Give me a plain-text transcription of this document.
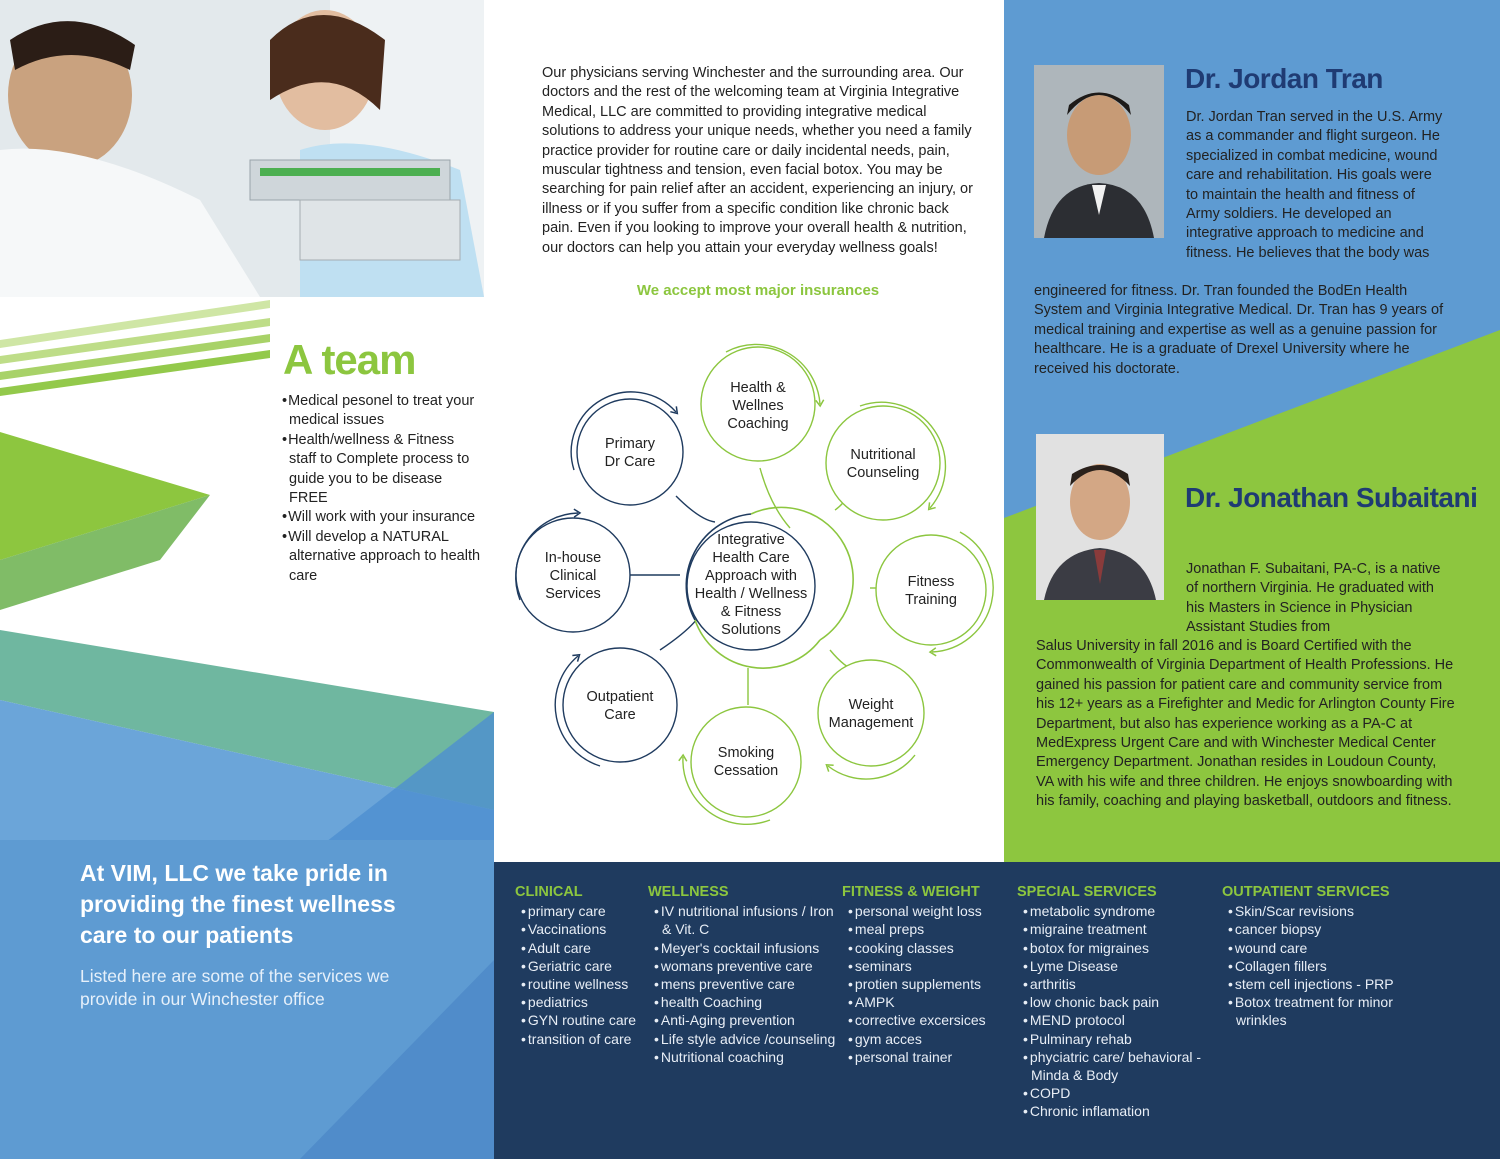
A team
• Medical pesonel to treat your medical issues
• Health/wellness & Fitness staff to Complete process to guide you to be disease FREE
• Will work with your insurance
• Will develop a NATURAL alternative approach to health care

At VIM, LLC we take pride in providing the finest wellness care to our patients

Listed here are some of the services we provide in our Winchester office

Our physicians serving Winchester and the surrounding area. Our doctors and the rest of the welcoming team at Virginia Integrative Medical, LLC are committed to providing integrative medical solutions to address your unique needs, whether you need a family practice provider for routine care or daily incidental needs, pain, muscular tightness and tension, even facial botox. You may be searching for pain relief after an accident, experiencing an injury, or illness or if you suffer from a specific condition like chronic back pain. Even if you looking to improve your overall health & nutrition, our doctors can help you attain your everyday wellness goals!

We accept most major insurances

Integrative
Health Care
Approach with
Health / Wellness
& Fitness
Solutions
Primary
Dr Care
In-house
Clinical
Services
Outpatient
Care
Health &
Wellnes
Coaching
Nutritional
Counseling
Fitness
Training
Weight
Management
Smoking
Cessation
Dr. Jordan Tran

Dr. Jordan Tran served in the U.S. Army as a commander and flight surgeon. He specialized in combat medicine, wound care and rehabilitation. His goals were to maintain the health and fitness of Army soldiers. He developed an integrative approach to medicine and fitness. He believes that the body was

engineered for fitness. Dr. Tran founded the BodEn Health System and Virginia Integrative Medical. Dr. Tran has 9 years of medical training and expertise as well as a genuine passion for healthcare. He is a graduate of Drexel University where he received his doctorate.

Dr. Jonathan Subaitani

Jonathan F. Subaitani, PA-C, is a native of northern Virginia. He graduated with his Masters in Science in Physician Assistant Studies from

Salus University in fall 2016 and is Board Certified with the Commonwealth of Virginia Department of Health Professions. He gained his passion for patient care and community service from his 12+ years as a Firefighter and Medic for Arlington County Fire Department, but also has experience working as a PA-C at MedExpress Urgent Care and with Winchester Medical Center Emergency Department. Jonathan resides in Loudoun County, VA with his wife and three children. He enjoys snowboarding with his family, coaching and playing basketball, outdoors and fitness.

CLINICAL
• primary care
• Vaccinations
• Adult care
• Geriatric care
• routine wellness
• pediatrics
• GYN routine care
• transition of care
WELLNESS
• IV nutritional infusions / Iron & Vit. C
• Meyer's cocktail infusions
• womans preventive care
• mens preventive care
• health Coaching
• Anti-Aging prevention
• Life style advice /counseling
• Nutritional coaching
FITNESS & WEIGHT
• personal weight loss
• meal preps
• cooking classes
• seminars
• protien supplements
• AMPK
• corrective excersices
• gym acces
• personal trainer
SPECIAL SERVICES
• metabolic syndrome
• migraine treatment
• botox for migraines
• Lyme Disease
• arthritis
• low chonic back pain
• MEND protocol
• Pulminary rehab
• phyciatric care/ behavioral - Minda & Body
• COPD
• Chronic inflamation
OUTPATIENT SERVICES
• Skin/Scar revisions
• cancer biopsy
• wound care
• Collagen fillers
• stem cell injections - PRP
• Botox treatment for minor wrinkles
